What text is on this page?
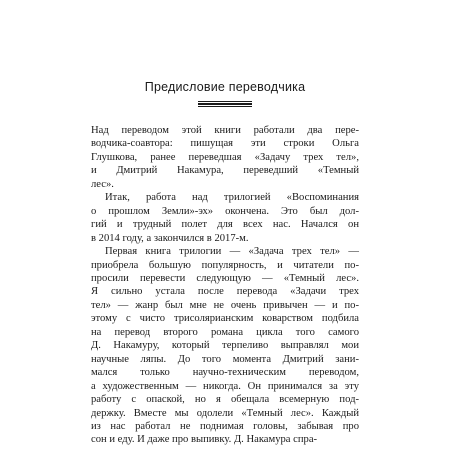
Предисловие переводчика

Над переводом этой книги работали два пере-
водчика-соавтора: пишущая эти строки Ольга
Глушкова, ранее переведшая «Задачу трех тел»,
и Дмитрий Накамура, переведший «Темный
лес».

Итак, работа над трилогией «Воспоминания
о прошлом Земли»-эх» окончена. Это был дол-
гий и трудный полет для всех нас. Начался он
в 2014 году, а закончился в 2017-м.

Первая книга трилогии — «Задача трех тел» —
приобрела большую популярность, и читатели по-
просили перевести следующую — «Темный лес».
Я сильно устала после перевода «Задачи трех
тел» — жанр был мне не очень привычен — и по-
этому с чисто трисолярианским коварством подбила
на перевод второго романа цикла того самого
Д. Накамуру, который терпеливо выправлял мои
научные ляпы. До того момента Дмитрий зани-
мался только научно-техническим переводом,
а художественным — никогда. Он принимался за эту
работу с опаской, но я обещала всемерную под-
держку. Вместе мы одолели «Темный лес». Каждый
из нас работал не поднимая головы, забывая про
сон и еду. И даже про выпивку. Д. Накамура спра-
